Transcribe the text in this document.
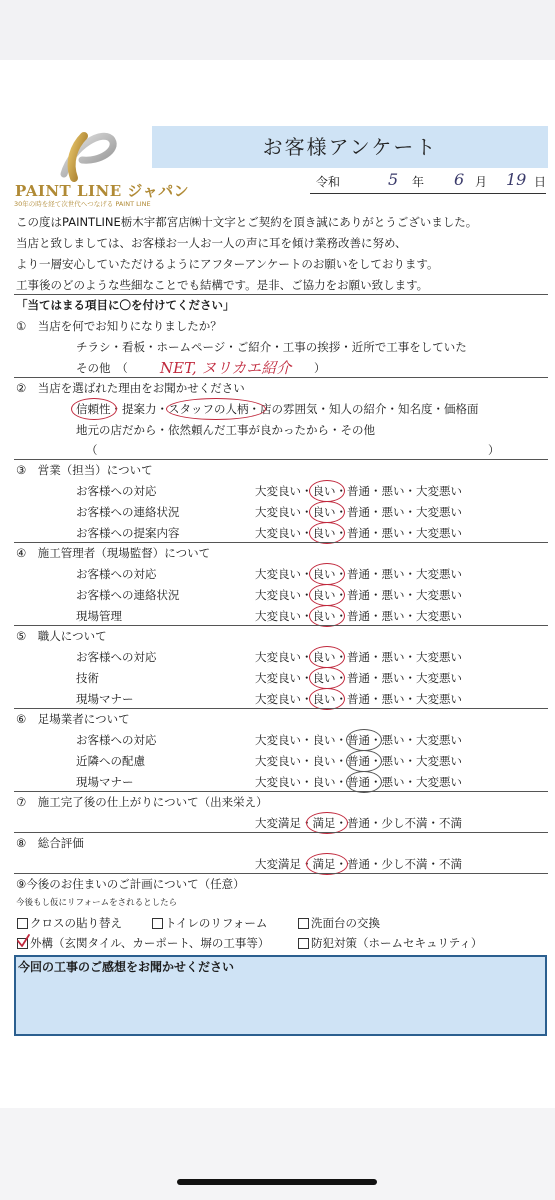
PAINT LINE ジャパン
30年の時を経て次世代へつなげる PAINT LINE
お客様アンケート
令和	5 年 6 月 19 日
この度はPAINTLINE栃木宇都宮店㈱十文字とご契約を頂き誠にありがとうございました。
当店と致しましては、お客様お一人お一人の声に耳を傾け業務改善に努め、
より一層安心していただけるようにアフターアンケートのお願いをしております。
工事後のどのような些細なことでも結構です。是非、ご協力をお願い致します。
「当てはまる項目に〇を付けてください」
①　当店を何でお知りになりましたか？
チラシ・看板・ホームページ・ご紹介・工事の挨拶・近所で工事をしていた
その他　（ NET, ヌリカエ紹介 ）
②　当店を選ばれた理由をお聞かせください
信頼性・提案力・スタッフの人柄・店の雰囲気・知人の紹介・知名度・価格面
地元の店だから・依然頼んだ工事が良かったから・その他
（	）
③　営業（担当）について
お客様への対応	大変良い・良い・普通・悪い・大変悪い
お客様への連絡状況	大変良い・良い・普通・悪い・大変悪い
お客様への提案内容	大変良い・良い・普通・悪い・大変悪い
④　施工管理者（現場監督）について
お客様への対応	大変良い・良い・普通・悪い・大変悪い
お客様への連絡状況	大変良い・良い・普通・悪い・大変悪い
現場管理	大変良い・良い・普通・悪い・大変悪い
⑤　職人について
お客様への対応	大変良い・良い・普通・悪い・大変悪い
技術	大変良い・良い・普通・悪い・大変悪い
現場マナー	大変良い・良い・普通・悪い・大変悪い
⑥　足場業者について
お客様への対応	大変良い・良い・普通・悪い・大変悪い
近隣への配慮	大変良い・良い・普通・悪い・大変悪い
現場マナー	大変良い・良い・普通・悪い・大変悪い
⑦　施工完了後の仕上がりについて（出来栄え）
大変満足・満足・普通・少し不満・不満
⑧　総合評価
大変満足・満足・普通・少し不満・不満
⑨今後のお住まいのご計画について（任意）
今後もし仮にリフォームをされるとしたら
クロスの貼り替え	トイレのリフォーム	洗面台の交換
外構（玄関タイル、カーポート、塀の工事等）	防犯対策（ホームセキュリティ）
今回の工事のご感想をお聞かせください
